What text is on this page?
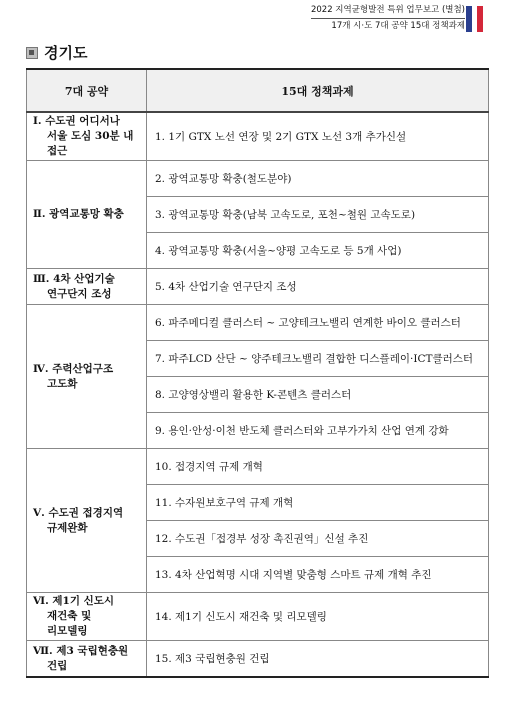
2022 지역균형발전 특위 업무보고 (별첨)
17개 시·도 7대 공약 15대 정책과제
경기도
7대 공약	15대 정책과제

Ⅰ. 수도권 어디서나
서울 도심 30분 내
접근	1. 1기 GTX 노선 연장 및 2기 GTX 노선 3개 추가신설

Ⅱ. 광역교통망 확충	2. 광역교통망 확충(철도분야)
	3. 광역교통망 확충(남북 고속도로, 포천~철원 고속도로)
	4. 광역교통망 확충(서울~양평 고속도로 등 5개 사업)

Ⅲ. 4차 산업기술
연구단지 조성	5. 4차 산업기술 연구단지 조성

Ⅳ. 주력산업구조
고도화	6. 파주메디컬 클러스터 ~ 고양테크노밸리 연계한 바이오 클러스터
	7. 파주LCD 산단 ~ 양주테크노밸리 결합한 디스플레이·ICT클러스터
	8. 고양영상밸리 활용한 K-콘텐츠 클러스터
	9. 용인·안성·이천 반도체 클러스터와 고부가가치 산업 연계 강화

Ⅴ. 수도권 접경지역
규제완화	10. 접경지역 규제 개혁
	11. 수자원보호구역 규제 개혁
	12. 수도권「접경부 성장 촉진권역」신설 추진
	13. 4차 산업혁명 시대 지역별 맞춤형 스마트 규제 개혁 추진

Ⅵ. 제1기 신도시
재건축 및
리모델링	14. 제1기 신도시 재건축 및 리모델링

Ⅶ. 제3 국립현충원
건립	15. 제3 국립현충원 건립
